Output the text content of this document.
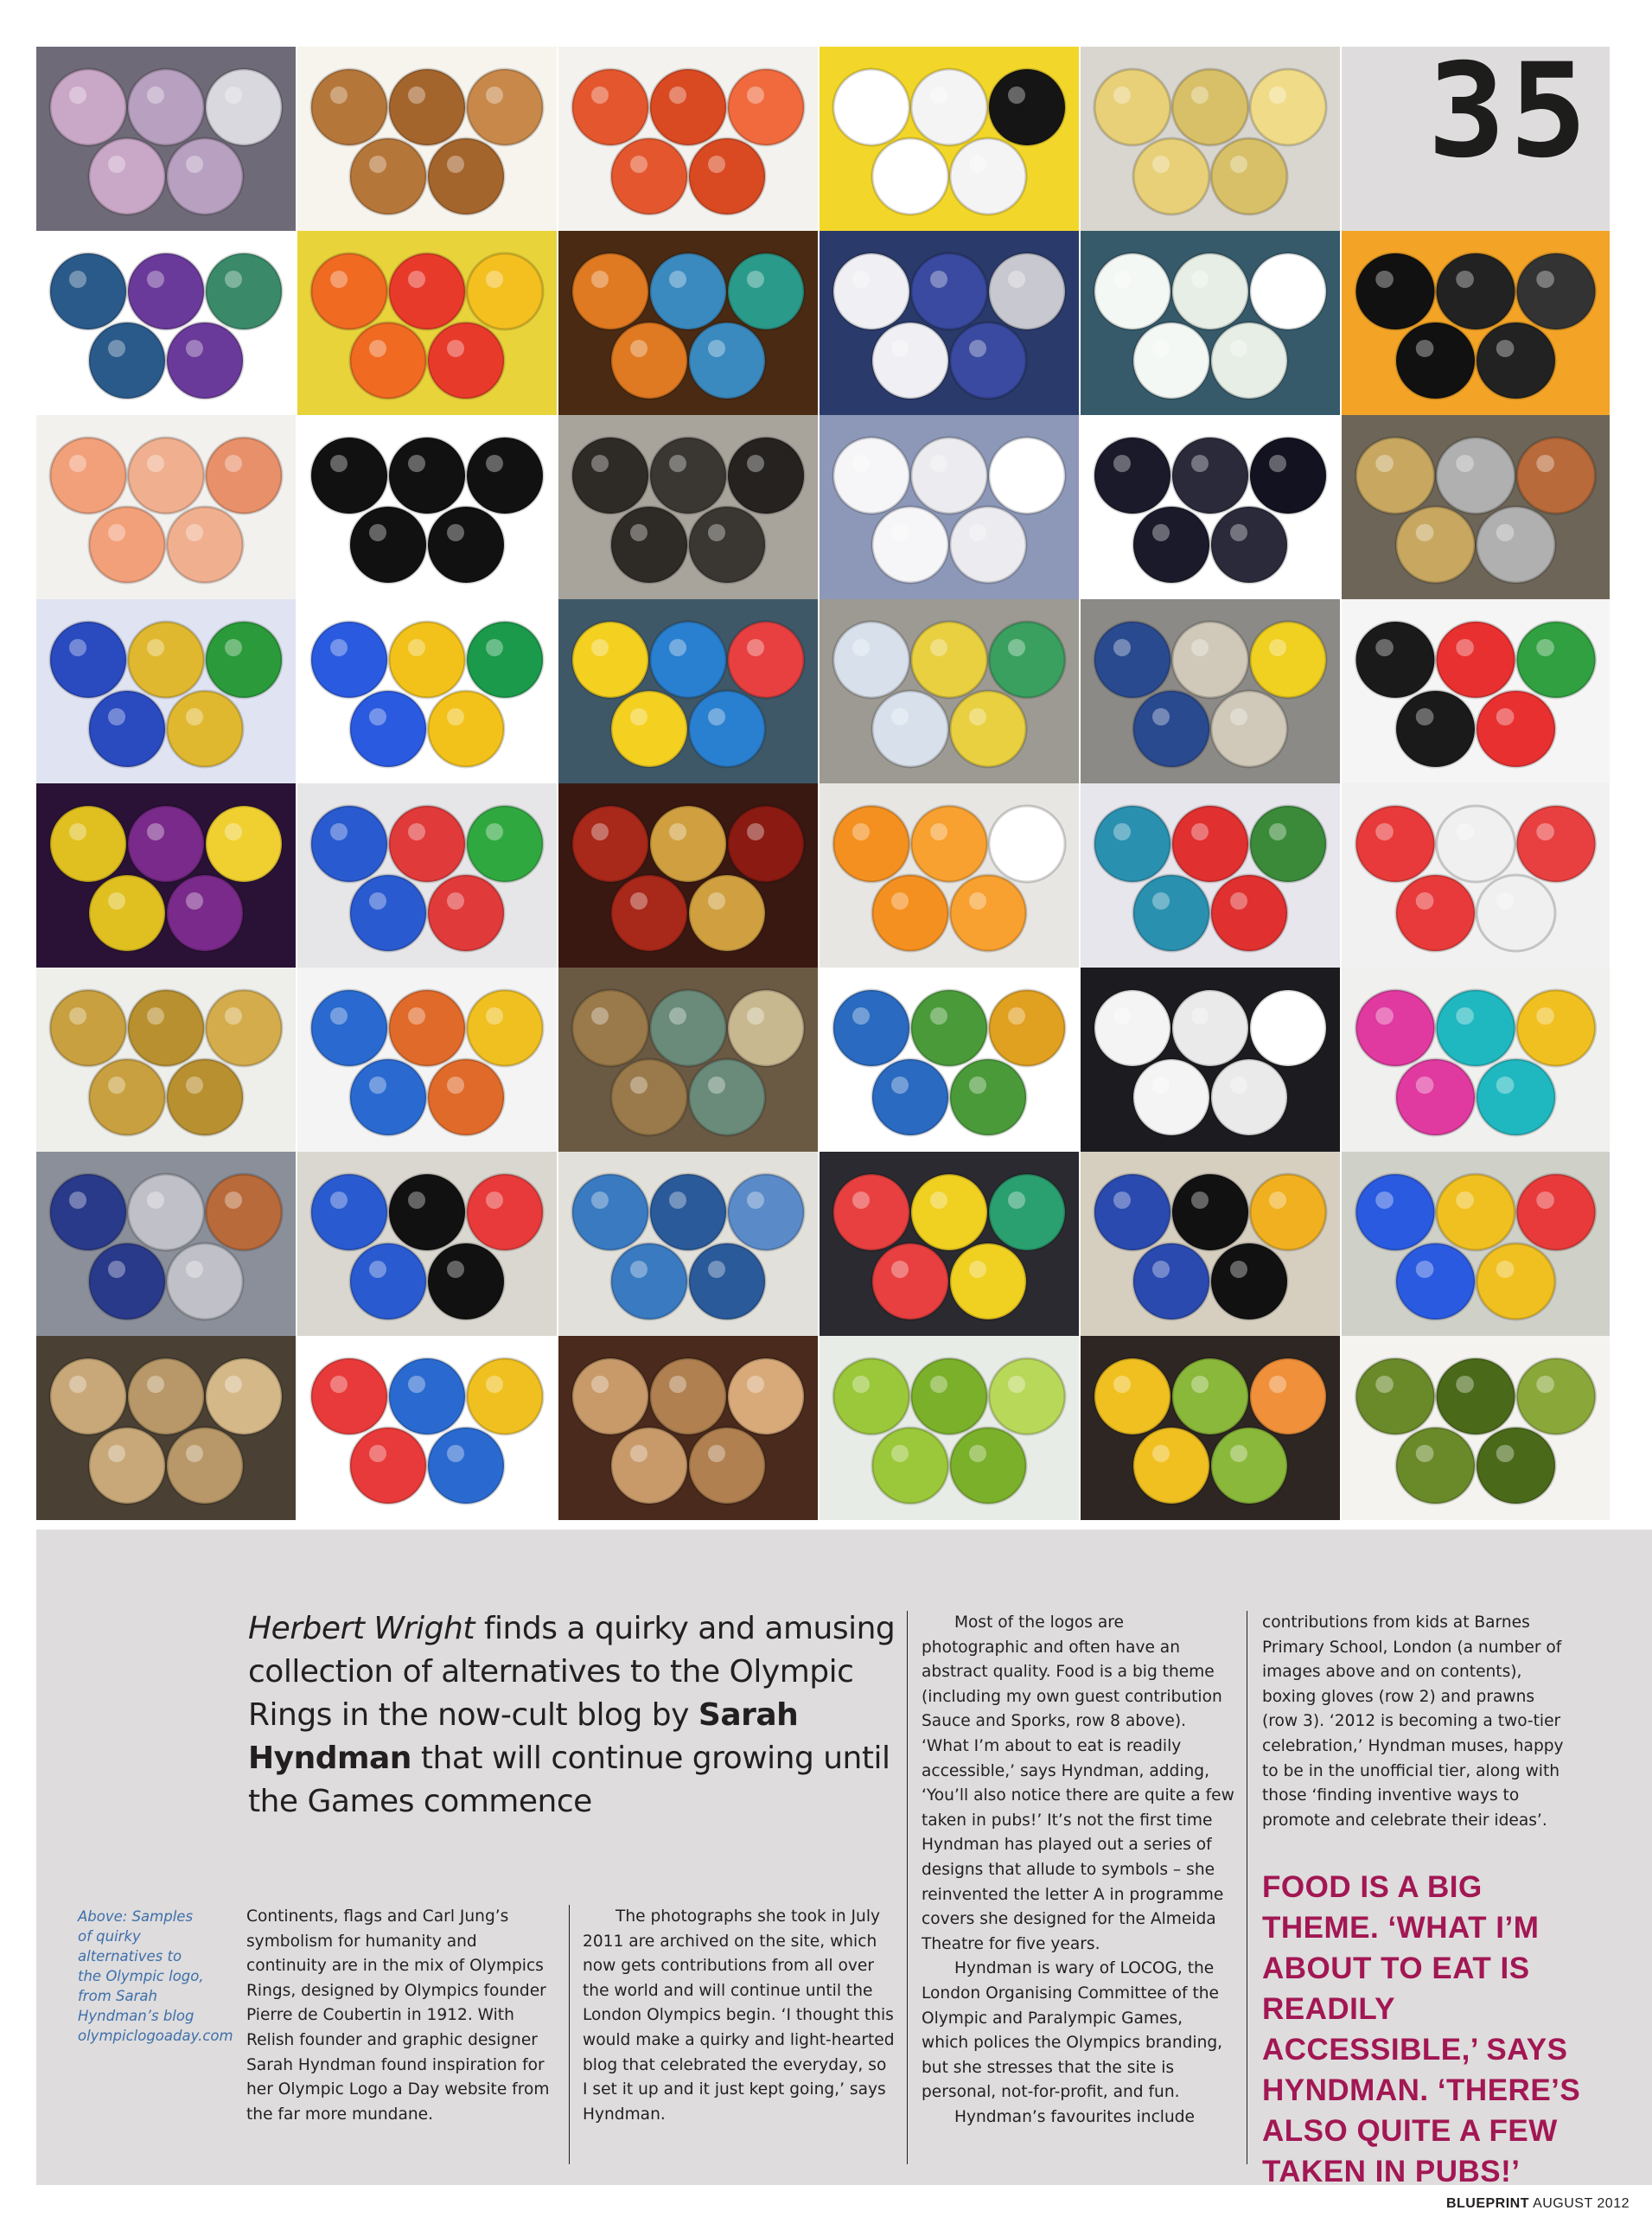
35
Herbert Wright finds a quirky and amusing collection of alternatives to the Olympic Rings in the now-cult blog by Sarah Hyndman that will continue growing until the Games commence
Above: Samples of quirky alternatives to the Olympic logo, from Sarah Hyndman’s blog olympiclogoaday.com

Continents, flags and Carl Jung’s symbolism for humanity and continuity are in the mix of Olympics Rings, designed by Olympics founder Pierre de Coubertin in 1912. With Relish founder and graphic designer Sarah Hyndman found inspiration for her Olympic Logo a Day website from the far more mundane.

The photographs she took in July 2011 are archived on the site, which now gets contributions from all over the world and will continue until the London Olympics begin. ‘I thought this would make a quirky and light-hearted blog that celebrated the everyday, so I set it up and it just kept going,’ says Hyndman.

Most of the logos are photographic and often have an abstract quality. Food is a big theme (including my own guest contribution Sauce and Sporks, row 8 above). ‘What I’m about to eat is readily accessible,’ says Hyndman, adding, ‘You’ll also notice there are quite a few taken in pubs!’ It’s not the first time Hyndman has played out a series of designs that allude to symbols – she reinvented the letter A in programme covers she designed for the Almeida Theatre for five years.

Hyndman is wary of LOCOG, the London Organising Committee of the Olympic and Paralympic Games, which polices the Olympics branding, but she stresses that the site is personal, not-for-profit, and fun.

Hyndman’s favourites include

contributions from kids at Barnes Primary School, London (a number of images above and on contents), boxing gloves (row 2) and prawns (row 3). ‘2012 is becoming a two-tier celebration,’ Hyndman muses, happy to be in the unofficial tier, along with those ‘finding inventive ways to promote and celebrate their ideas’.

FOOD IS A BIG THEME. ‘WHAT I’M ABOUT TO EAT IS READILY ACCESSIBLE,’ SAYS HYNDMAN. ‘THERE’S ALSO QUITE A FEW TAKEN IN PUBS!’
BLUEPRINT AUGUST 2012
